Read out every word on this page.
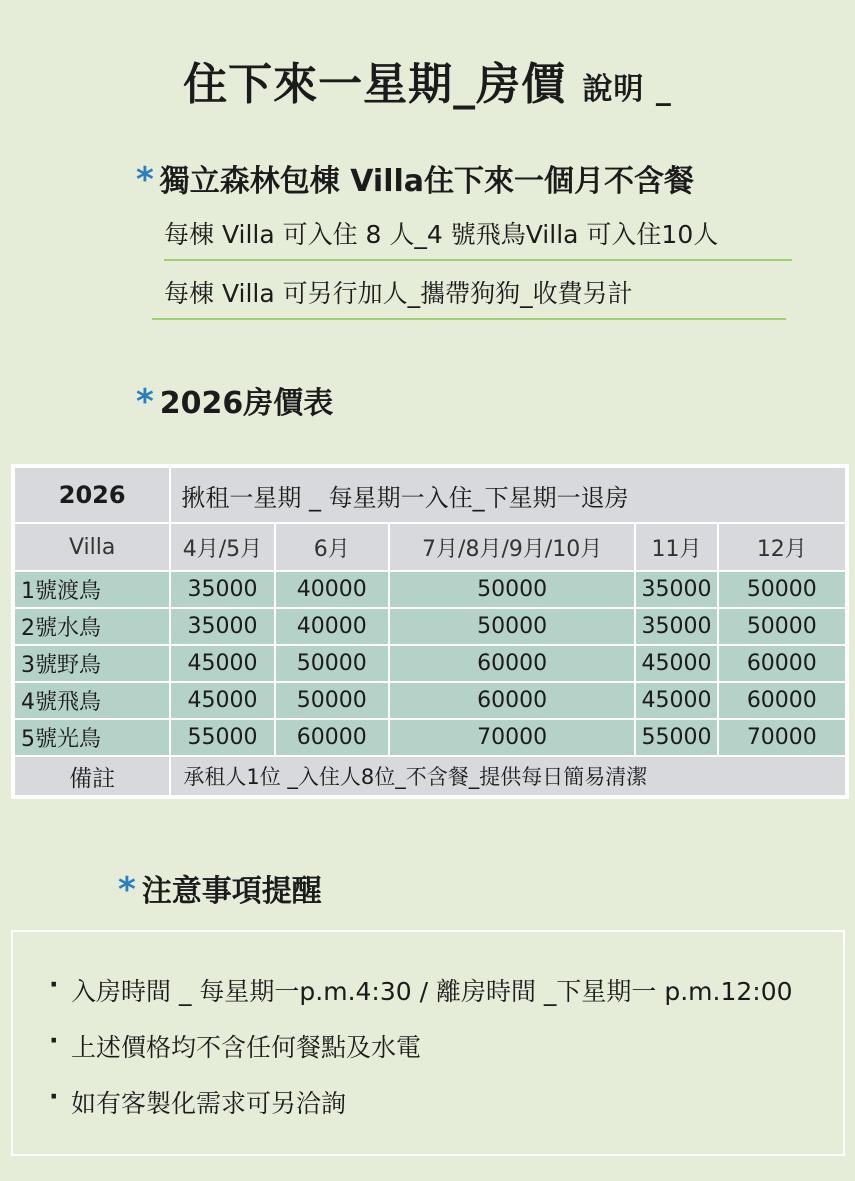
住下來一星期_房價 說明 _
* 獨立森林包棟 Villa住下來一個月不含餐
每棟 Villa 可入住 8 人_4 號飛鳥Villa 可入住10人
每棟 Villa 可另行加人_攜帶狗狗_收費另計
* 2026房價表
2026	揪租一星期 _ 每星期一入住_下星期一退房				
Villa	4月/5月	6月	7月/8月/9月/10月	11月	12月
1號渡鳥	35000	40000	50000	35000	50000
2號水鳥	35000	40000	50000	35000	50000
3號野鳥	45000	50000	60000	45000	60000
4號飛鳥	45000	50000	60000	45000	60000
5號光鳥	55000	60000	70000	55000	70000
備註	承租人1位 _入住人8位_不含餐_提供每日簡易清潔				
* 注意事項提醒
· 入房時間 _ 每星期一p.m.4:30 / 離房時間 _下星期一 p.m.12:00
· 上述價格均不含任何餐點及水電
· 如有客製化需求可另洽詢
